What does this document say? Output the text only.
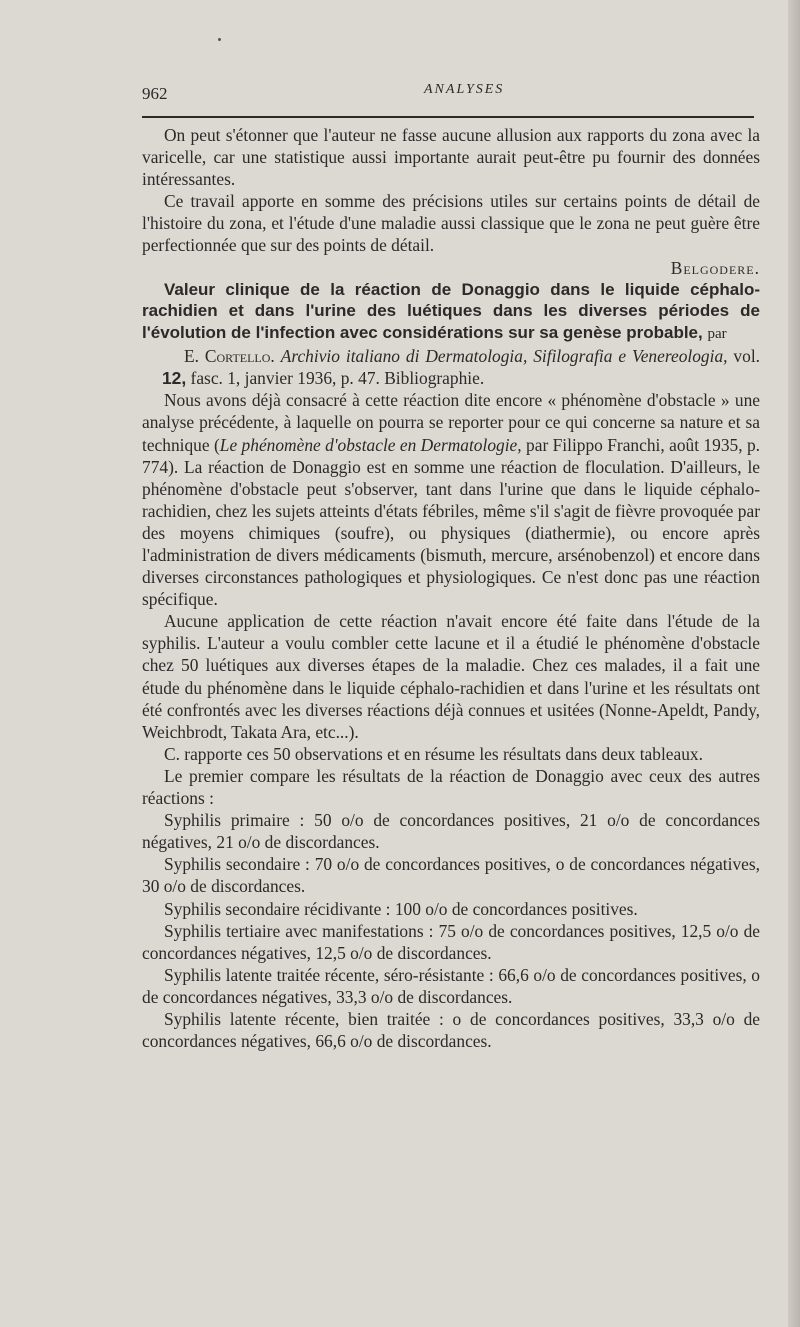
962	ANALYSES

On peut s'étonner que l'auteur ne fasse aucune allusion aux rapports du zona avec la varicelle, car une statistique aussi importante aurait peut-être pu fournir des données intéressantes.

Ce travail apporte en somme des précisions utiles sur certains points de détail de l'histoire du zona, et l'étude d'une maladie aussi classique que le zona ne peut guère être perfectionnée que sur des points de détail.

Belgodere.

Valeur clinique de la réaction de Donaggio dans le liquide céphalo-rachidien et dans l'urine des luétiques dans les diverses périodes de l'évolution de l'infection avec considérations sur sa genèse probable, par

E. Cortello. Archivio italiano di Dermatologia, Sifilografia e Venereologia, vol. 12, fasc. 1, janvier 1936, p. 47. Bibliographie.

Nous avons déjà consacré à cette réaction dite encore « phénomène d'obstacle » une analyse précédente, à laquelle on pourra se reporter pour ce qui concerne sa nature et sa technique (Le phénomène d'obstacle en Dermatologie, par Filippo Franchi, août 1935, p. 774). La réaction de Donaggio est en somme une réaction de floculation. D'ailleurs, le phénomène d'obstacle peut s'observer, tant dans l'urine que dans le liquide céphalo-rachidien, chez les sujets atteints d'états fébriles, même s'il s'agit de fièvre provoquée par des moyens chimiques (soufre), ou physiques (diathermie), ou encore après l'administration de divers médicaments (bismuth, mercure, arsénobenzol) et encore dans diverses circonstances pathologiques et physiologiques. Ce n'est donc pas une réaction spécifique.

Aucune application de cette réaction n'avait encore été faite dans l'étude de la syphilis. L'auteur a voulu combler cette lacune et il a étudié le phénomène d'obstacle chez 50 luétiques aux diverses étapes de la maladie. Chez ces malades, il a fait une étude du phénomène dans le liquide céphalo-rachidien et dans l'urine et les résultats ont été confrontés avec les diverses réactions déjà connues et usitées (Nonne-Apeldt, Pandy, Weichbrodt, Takata Ara, etc...).

C. rapporte ces 50 observations et en résume les résultats dans deux tableaux.

Le premier compare les résultats de la réaction de Donaggio avec ceux des autres réactions :

Syphilis primaire : 50 o/o de concordances positives, 21 o/o de concordances négatives, 21 o/o de discordances.

Syphilis secondaire : 70 o/o de concordances positives, o de concordances négatives, 30 o/o de discordances.

Syphilis secondaire récidivante : 100 o/o de concordances positives.

Syphilis tertiaire avec manifestations : 75 o/o de concordances positives, 12,5 o/o de concordances négatives, 12,5 o/o de discordances.

Syphilis latente traitée récente, séro-résistante : 66,6 o/o de concordances positives, o de concordances négatives, 33,3 o/o de discordances.

Syphilis latente récente, bien traitée : o de concordances positives, 33,3 o/o de concordances négatives, 66,6 o/o de discordances.
